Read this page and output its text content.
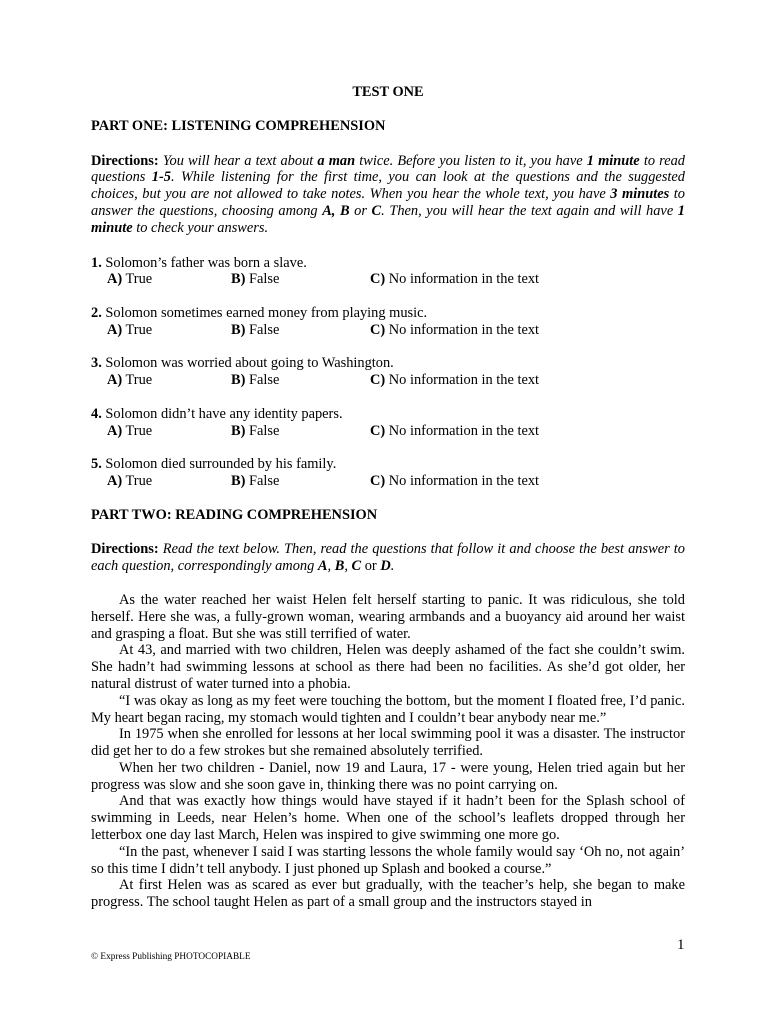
TEST ONE

PART ONE: LISTENING COMPREHENSION

Directions: You will hear a text about a man twice. Before you listen to it, you have 1 minute to read questions 1-5. While listening for the first time, you can look at the questions and the suggested choices, but you are not allowed to take notes. When you hear the whole text, you have 3 minutes to answer the questions, choosing among A, B or C. Then, you will hear the text again and will have 1 minute to check your answers.

1. Solomon’s father was born a slave.
A) True	B) False	C) No information in the text
2. Solomon sometimes earned money from playing music.
A) True	B) False	C) No information in the text
3. Solomon was worried about going to Washington.
A) True	B) False	C) No information in the text
4. Solomon didn’t have any identity papers.
A) True	B) False	C) No information in the text
5. Solomon died surrounded by his family.
A) True	B) False	C) No information in the text

PART TWO: READING COMPREHENSION

Directions: Read the text below. Then, read the questions that follow it and choose the best answer to each question, correspondingly among A, B, C or D.

As the water reached her waist Helen felt herself starting to panic. It was ridiculous, she told herself. Here she was, a fully-grown woman, wearing armbands and a buoyancy aid around her waist and grasping a float. But she was still terrified of water.

At 43, and married with two children, Helen was deeply ashamed of the fact she couldn’t swim. She hadn’t had swimming lessons at school as there had been no facilities. As she’d got older, her natural distrust of water turned into a phobia.

“I was okay as long as my feet were touching the bottom, but the moment I floated free, I’d panic. My heart began racing, my stomach would tighten and I couldn’t bear anybody near me.”

In 1975 when she enrolled for lessons at her local swimming pool it was a disaster. The instructor did get her to do a few strokes but she remained absolutely terrified.

When her two children - Daniel, now 19 and Laura, 17 - were young, Helen tried again but her progress was slow and she soon gave in, thinking there was no point carrying on.

And that was exactly how things would have stayed if it hadn’t been for the Splash school of swimming in Leeds, near Helen’s home. When one of the school’s leaflets dropped through her letterbox one day last March, Helen was inspired to give swimming one more go.

“In the past, whenever I said I was starting lessons the whole family would say ‘Oh no, not again’ so this time I didn’t tell anybody. I just phoned up Splash and booked a course.”

At first Helen was as scared as ever but gradually, with the teacher’s help, she began to make progress. The school taught Helen as part of a small group and the instructors stayed in

1
© Express Publishing PHOTOCOPIABLE
